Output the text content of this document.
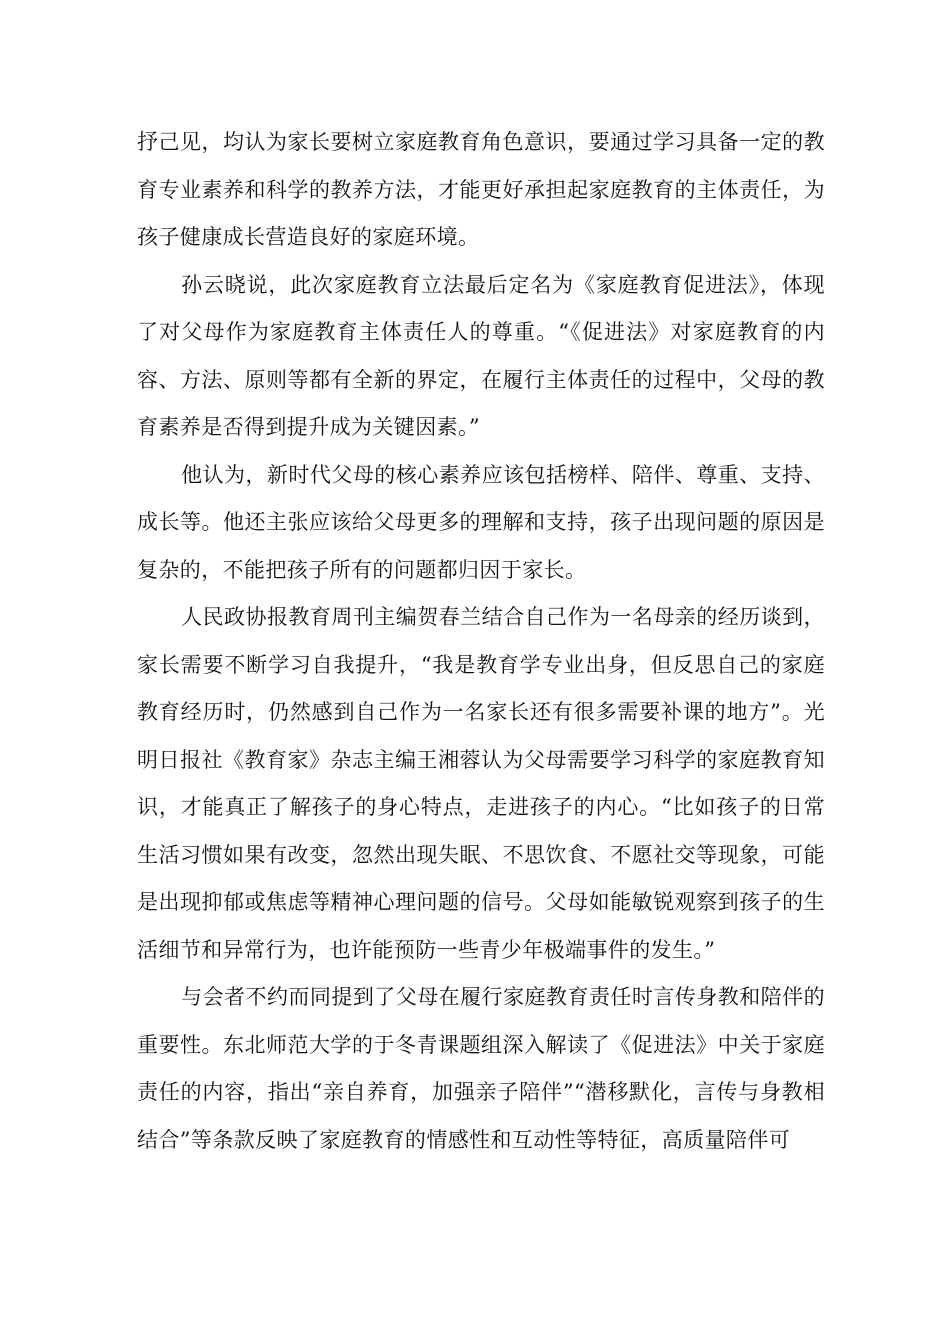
抒己见，均认为家长要树立家庭教育角色意识，要通过学习具备一定的教育专业素养和科学的教养方法，才能更好承担起家庭教育的主体责任，为孩子健康成长营造良好的家庭环境。

孙云晓说，此次家庭教育立法最后定名为《家庭教育促进法》，体现了对父母作为家庭教育主体责任人的尊重。“《促进法》对家庭教育的内容、方法、原则等都有全新的界定，在履行主体责任的过程中，父母的教育素养是否得到提升成为关键因素。”

他认为，新时代父母的核心素养应该包括榜样、陪伴、尊重、支持、成长等。他还主张应该给父母更多的理解和支持，孩子出现问题的原因是复杂的，不能把孩子所有的问题都归因于家长。

人民政协报教育周刊主编贺春兰结合自己作为一名母亲的经历谈到，家长需要不断学习自我提升，“我是教育学专业出身，但反思自己的家庭教育经历时，仍然感到自己作为一名家长还有很多需要补课的地方”。光明日报社《教育家》杂志主编王湘蓉认为父母需要学习科学的家庭教育知识，才能真正了解孩子的身心特点，走进孩子的内心。“比如孩子的日常生活习惯如果有改变，忽然出现失眠、不思饮食、不愿社交等现象，可能是出现抑郁或焦虑等精神心理问题的信号。父母如能敏锐观察到孩子的生活细节和异常行为，也许能预防一些青少年极端事件的发生。”

与会者不约而同提到了父母在履行家庭教育责任时言传身教和陪伴的重要性。东北师范大学的于冬青课题组深入解读了《促进法》中关于家庭责任的内容，指出“亲自养育，加强亲子陪伴”“潜移默化，言传与身教相结合”等条款反映了家庭教育的情感性和互动性等特征，高质量陪伴可
